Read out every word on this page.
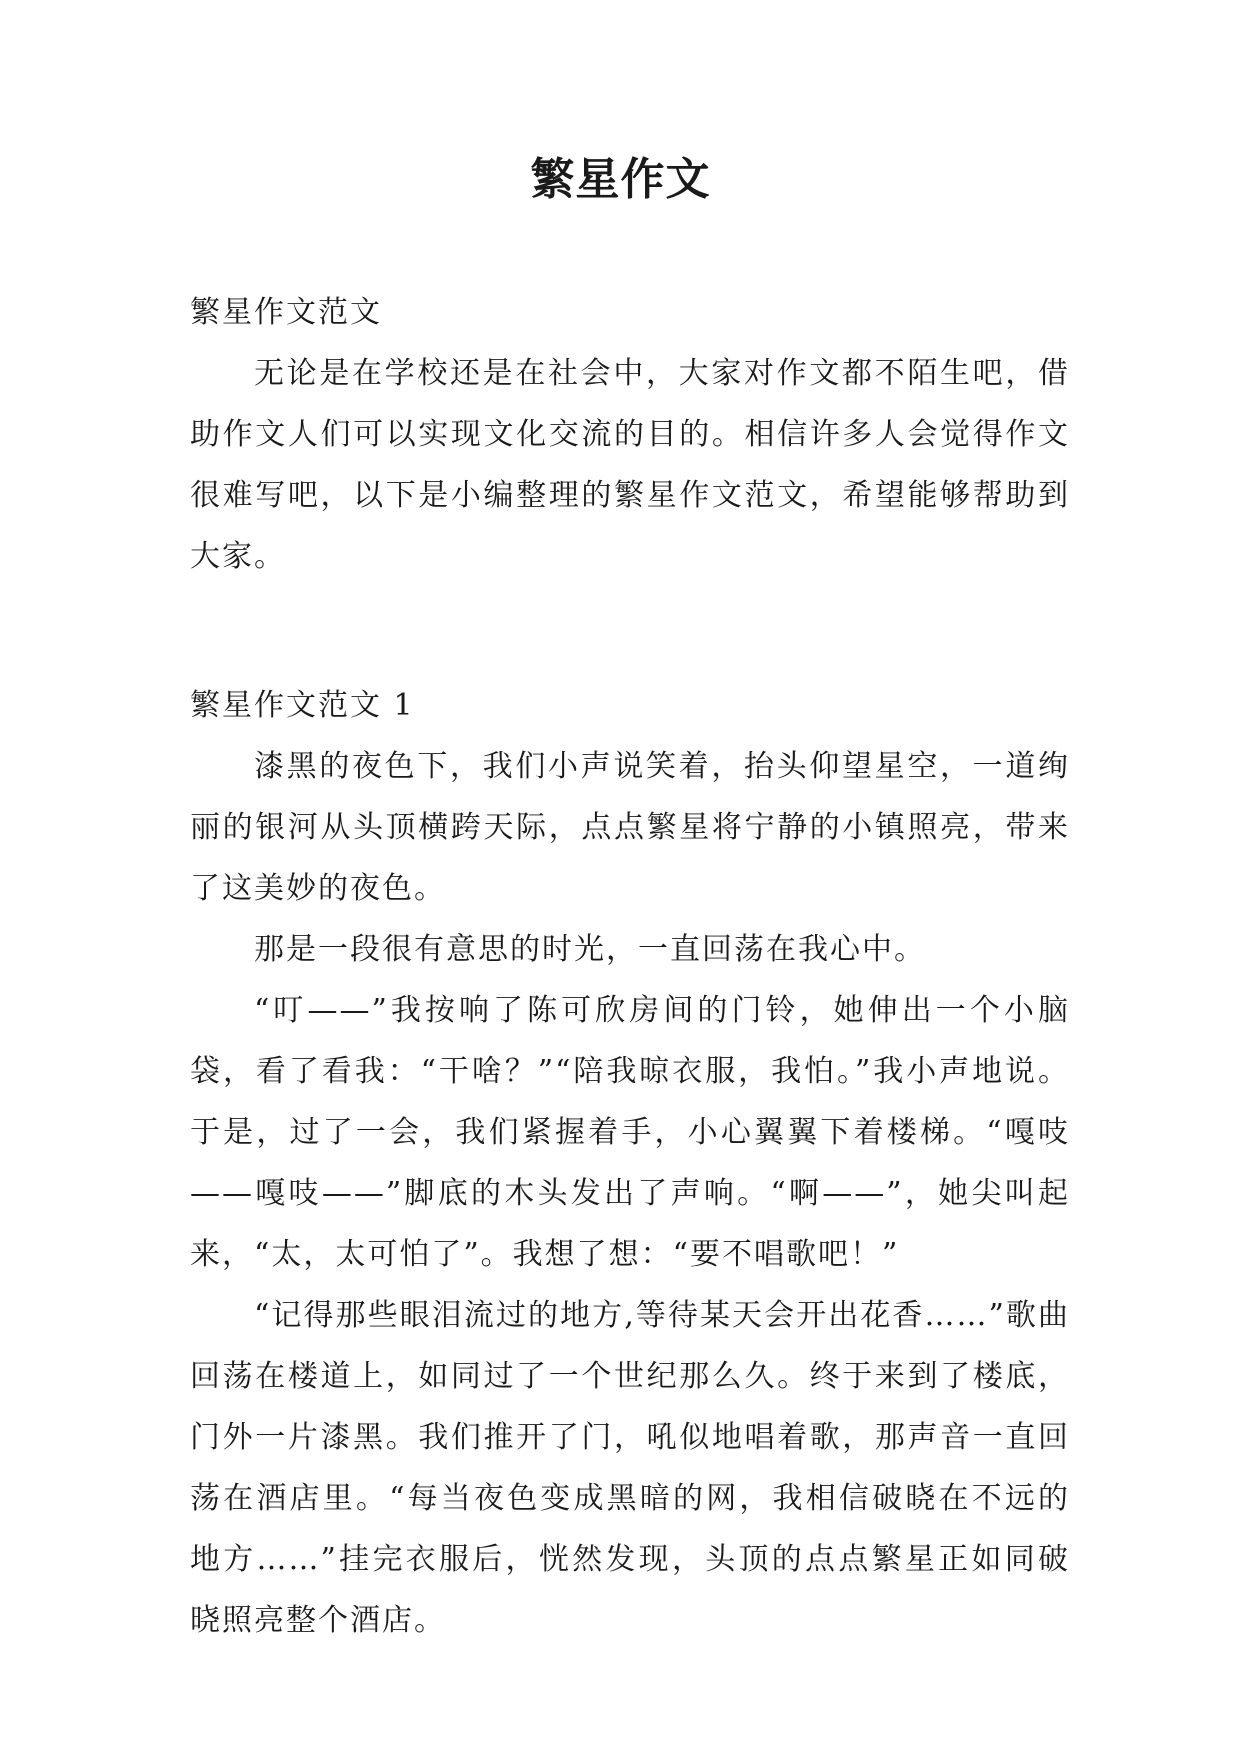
繁星作文

繁星作文范文

无论是在学校还是在社会中，大家对作文都不陌生吧，借助作文人们可以实现文化交流的目的。相信许多人会觉得作文很难写吧，以下是小编整理的繁星作文范文，希望能够帮助到大家。

繁星作文范文 1

漆黑的夜色下，我们小声说笑着，抬头仰望星空，一道绚丽的银河从头顶横跨天际，点点繁星将宁静的小镇照亮，带来了这美妙的夜色。

那是一段很有意思的时光，一直回荡在我心中。

“叮——”我按响了陈可欣房间的门铃，她伸出一个小脑袋，看了看我：“干啥？”“陪我晾衣服，我怕。”我小声地说。于是，过了一会，我们紧握着手，小心翼翼下着楼梯。“嘎吱——嘎吱——”脚底的木头发出了声响。“啊——”，她尖叫起来，“太，太可怕了”。我想了想：“要不唱歌吧！”

“记得那些眼泪流过的地方,等待某天会开出花香……”歌曲回荡在楼道上，如同过了一个世纪那么久。终于来到了楼底，门外一片漆黑。我们推开了门，吼似地唱着歌，那声音一直回荡在酒店里。“每当夜色变成黑暗的网，我相信破晓在不远的地方……”挂完衣服后，恍然发现，头顶的点点繁星正如同破晓照亮整个酒店。
